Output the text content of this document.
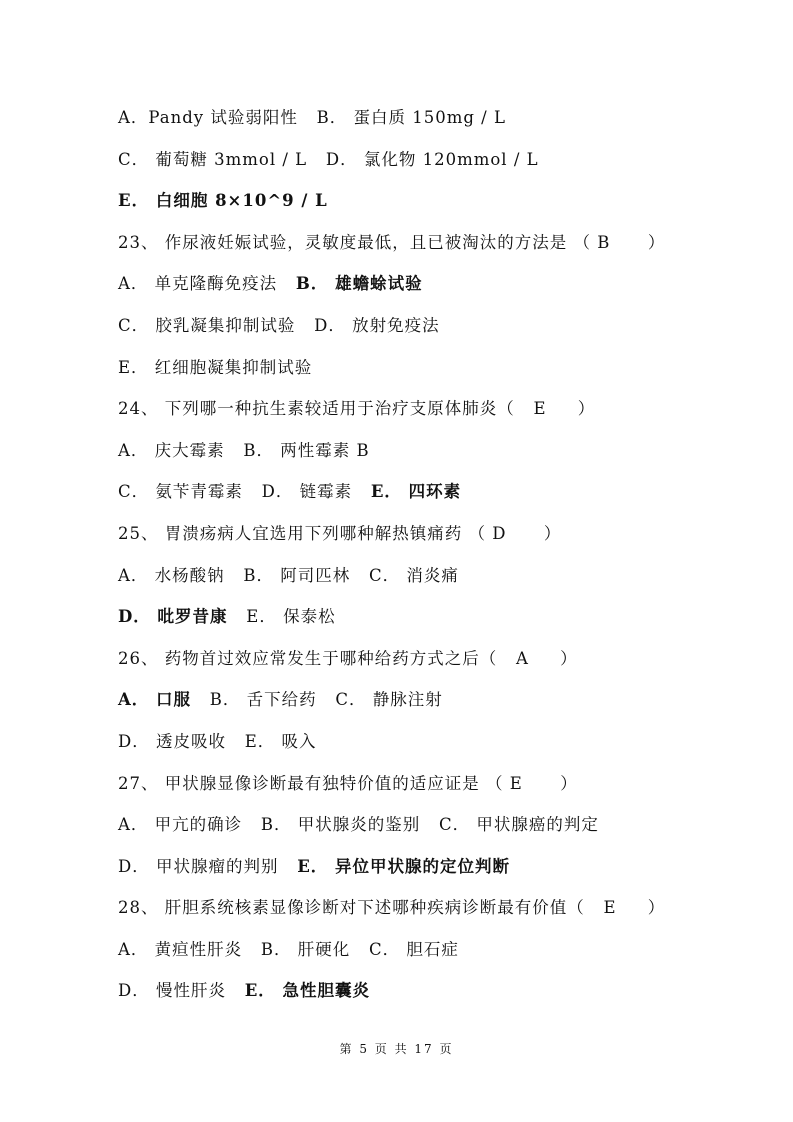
A．Pandy 试验弱阳性   B． 蛋白质 150mg / L
C． 葡萄糖 3mmol / L   D． 氯化物 120mmol / L
E． 白细胞 8×10^9 / L
23、 作尿液妊娠试验，灵敏度最低，且已被淘汰的方法是 （ B      ）
A． 单克隆酶免疫法   B． 雄蟾蜍试验
C． 胶乳凝集抑制试验   D． 放射免疫法
E． 红细胞凝集抑制试验
24、 下列哪一种抗生素较适用于治疗支原体肺炎（   E     ）
A． 庆大霉素   B． 两性霉素 B
C． 氨苄青霉素   D． 链霉素   E． 四环素
25、 胃溃疡病人宜选用下列哪种解热镇痛药 （ D      ）
A． 水杨酸钠   B． 阿司匹林   C． 消炎痛
D． 吡罗昔康   E． 保泰松
26、 药物首过效应常发生于哪种给药方式之后（   A     ）
A． 口服   B． 舌下给药   C． 静脉注射
D． 透皮吸收   E． 吸入
27、 甲状腺显像诊断最有独特价值的适应证是 （ E      ）
A． 甲亢的确诊   B． 甲状腺炎的鉴别   C． 甲状腺癌的判定
D． 甲状腺瘤的判别   E． 异位甲状腺的定位判断
28、 肝胆系统核素显像诊断对下述哪种疾病诊断最有价值（   E     ）
A． 黄疸性肝炎   B． 肝硬化   C． 胆石症
D． 慢性肝炎   E． 急性胆囊炎
第 5 页 共 17 页
